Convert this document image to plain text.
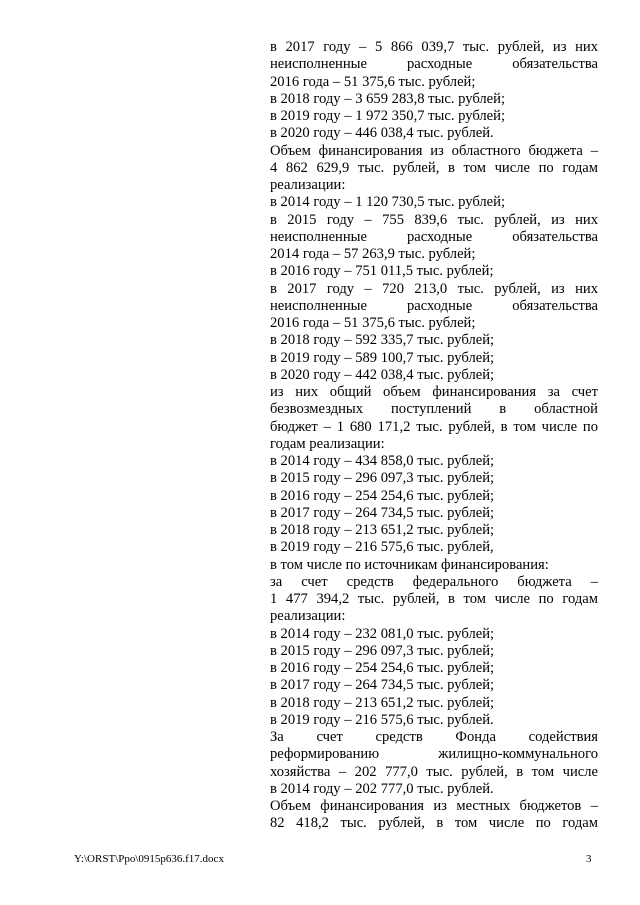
в 2017 году – 5 866 039,7 тыс. рублей, из них

неисполненные расходные обязательства

2016 года – 51 375,6 тыс. рублей;

в 2018 году – 3 659 283,8 тыс. рублей;

в 2019 году – 1 972 350,7 тыс. рублей;

в 2020 году – 446 038,4 тыс. рублей.

Объем финансирования из областного бюджета –

4 862 629,9 тыс. рублей, в том числе по годам

реализации:

в 2014 году – 1 120 730,5 тыс. рублей;

в 2015 году – 755 839,6 тыс. рублей, из них

неисполненные расходные обязательства

2014 года – 57 263,9 тыс. рублей;

в 2016 году – 751 011,5 тыс. рублей;

в 2017 году – 720 213,0 тыс. рублей, из них

неисполненные расходные обязательства

2016 года – 51 375,6 тыс. рублей;

в 2018 году – 592 335,7 тыс. рублей;

в 2019 году – 589 100,7 тыс. рублей;

в 2020 году – 442 038,4 тыс. рублей;

из них общий объем финансирования за счет

безвозмездных поступлений в областной

бюджет – 1 680 171,2 тыс. рублей, в том числе по

годам реализации:

в 2014 году – 434 858,0 тыс. рублей;

в 2015 году – 296 097,3 тыс. рублей;

в 2016 году – 254 254,6 тыс. рублей;

в 2017 году – 264 734,5 тыс. рублей;

в 2018 году – 213 651,2 тыс. рублей;

в 2019 году – 216 575,6 тыс. рублей,

в том числе по источникам финансирования:

за счет средств федерального бюджета –

1 477 394,2 тыс. рублей, в том числе по годам

реализации:

в 2014 году – 232 081,0 тыс. рублей;

в 2015 году – 296 097,3 тыс. рублей;

в 2016 году – 254 254,6 тыс. рублей;

в 2017 году – 264 734,5 тыс. рублей;

в 2018 году – 213 651,2 тыс. рублей;

в 2019 году – 216 575,6 тыс. рублей.

За счет средств Фонда содействия

реформированию жилищно-коммунального

хозяйства – 202 777,0 тыс. рублей, в том числе

в 2014 году – 202 777,0 тыс. рублей.

Объем финансирования из местных бюджетов –

82 418,2 тыс. рублей, в том числе по годам

Y:\ORST\Ppo\0915p636.f17.docx	3
